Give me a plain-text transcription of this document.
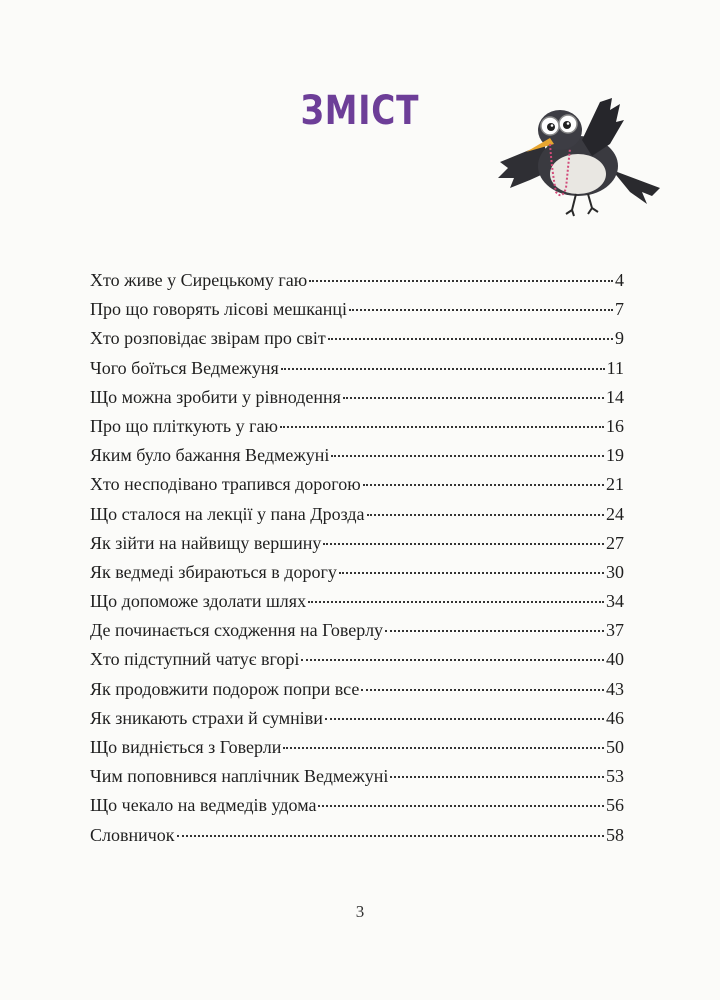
ЗМІСТ
Хто живе у Сирецькому гаю	4
Про що говорять лісові мешканці	7
Хто розповідає звірам про світ	9
Чого боїться Ведмежуня	11
Що можна зробити у рівнодення	14
Про що пліткують у гаю	16
Яким було бажання Ведмежуні	19
Хто несподівано трапився дорогою	21
Що сталося на лекції у пана Дрозда	24
Як зійти на найвищу вершину	27
Як ведмеді збираються в дорогу	30
Що допоможе здолати шлях	34
Де починається сходження на Говерлу	37
Хто підступний чатує вгорі	40
Як продовжити подорож попри все	43
Як зникають страхи й сумніви	46
Що видніється з Говерли	50
Чим поповнився наплічник Ведмежуні	53
Що чекало на ведмедів удома	56
Словничок	58
3
